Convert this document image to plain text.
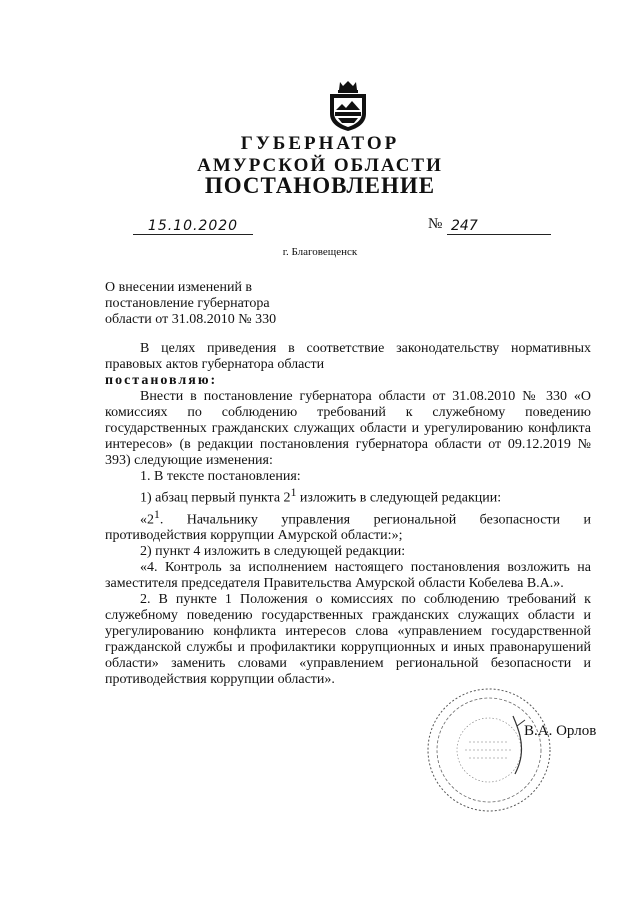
ГУБЕРНАТОР
АМУРСКОЙ ОБЛАСТИ
ПОСТАНОВЛЕНИЕ
15.10.2020	№ 247
г. Благовещенск
О внесении изменений в
постановление губернатора
области от 31.08.2010 № 330

В целях приведения в соответствие законодательству нормативных правовых актов губернатора области

постановляю:

Внести в постановление губернатора области от 31.08.2010 № 330 «О комиссиях по соблюдению требований к служебному поведению государственных гражданских служащих области и урегулированию конфликта интересов» (в редакции постановления губернатора области от 09.12.2019 № 393) следующие изменения:

1. В тексте постановления:

1) абзац первый пункта $2^1$ изложить в следующей редакции:

«$2^1$. Начальнику управления региональной безопасности и противодействия коррупции Амурской области:»;

2) пункт 4 изложить в следующей редакции:

«4. Контроль за исполнением настоящего постановления возложить на заместителя председателя Правительства Амурской области Кобелева В.А.».

2. В пункте 1 Положения о комиссиях по соблюдению требований к служебному поведению государственных гражданских служащих области и урегулированию конфликта интересов слова «управлением государственной гражданской службы и профилактики коррупционных и иных правонарушений области» заменить словами «управлением региональной безопасности и противодействия коррупции области».

В.А. Орлов
